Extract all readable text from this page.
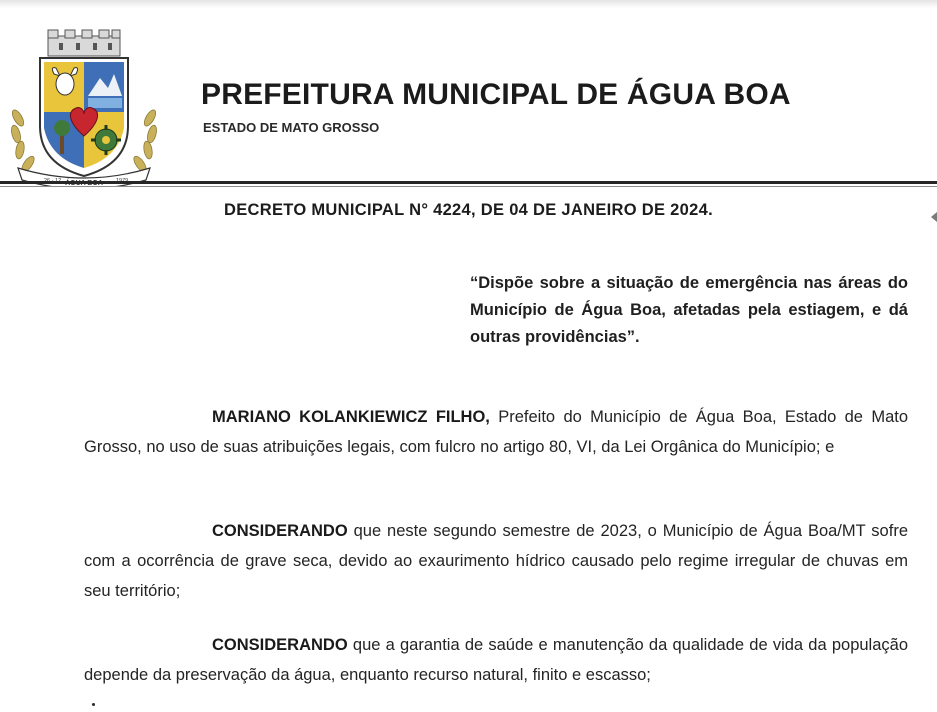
PREFEITURA MUNICIPAL DE ÁGUA BOA
ESTADO DE MATO GROSSO
DECRETO MUNICIPAL N° 4224, DE 04 DE JANEIRO DE 2024.
“Dispõe sobre a situação de emergência nas áreas do Município de Água Boa, afetadas pela estiagem, e dá outras providências”.

MARIANO KOLANKIEWICZ FILHO, Prefeito do Município de Água Boa, Estado de Mato Grosso, no uso de suas atribuições legais, com fulcro no artigo 80, VI, da Lei Orgânica do Município; e

CONSIDERANDO que neste segundo semestre de 2023, o Município de Água Boa/MT sofre com a ocorrência de grave seca, devido ao exaurimento hídrico causado pelo regime irregular de chuvas em seu território;

CONSIDERANDO que a garantia de saúde e manutenção da qualidade de vida da população depende da preservação da água, enquanto recurso natural, finito e escasso;
